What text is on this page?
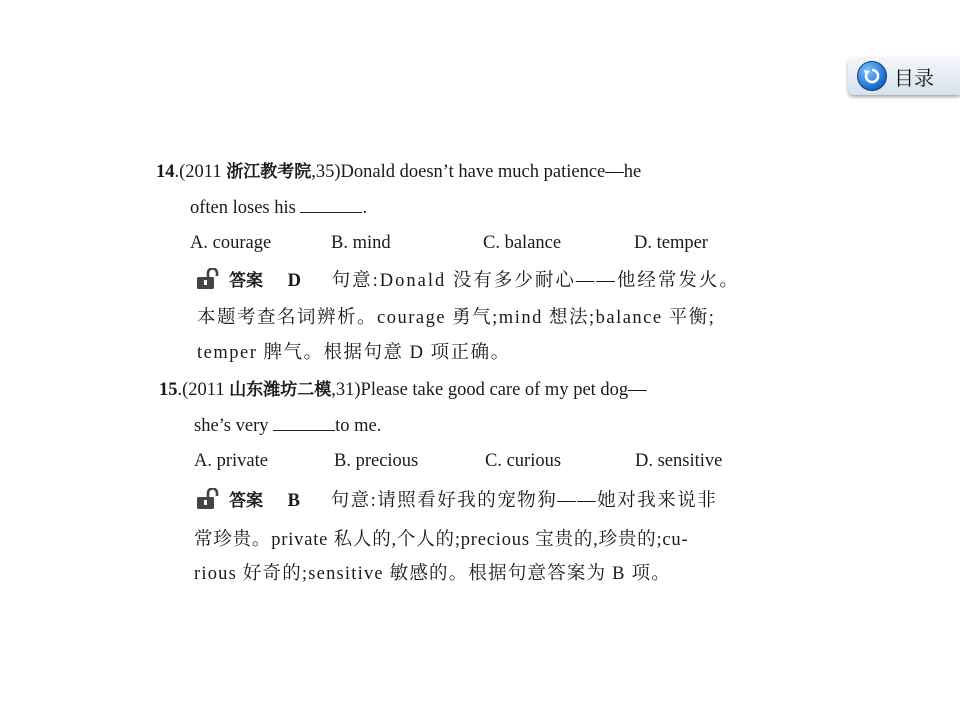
目录
14.(2011 浙江教考院,35)Donald doesn’t have much patience—he
often loses his	.
A. courage	B. mind	C. balance	D. temper
答案 D 句意:Donald 没有多少耐心——他经常发火。
本题考查名词辨析。courage 勇气;mind 想法;balance 平衡;
temper 脾气。根据句意 D 项正确。
15.(2011 山东潍坊二模,31)Please take good care of my pet dog—
she’s very	to me.
A. private	B. precious	C. curious	D. sensitive
答案 B 句意:请照看好我的宠物狗——她对我来说非
常珍贵。private 私人的,个人的;precious 宝贵的,珍贵的;cu-
rious 好奇的;sensitive 敏感的。根据句意答案为 B 项。
